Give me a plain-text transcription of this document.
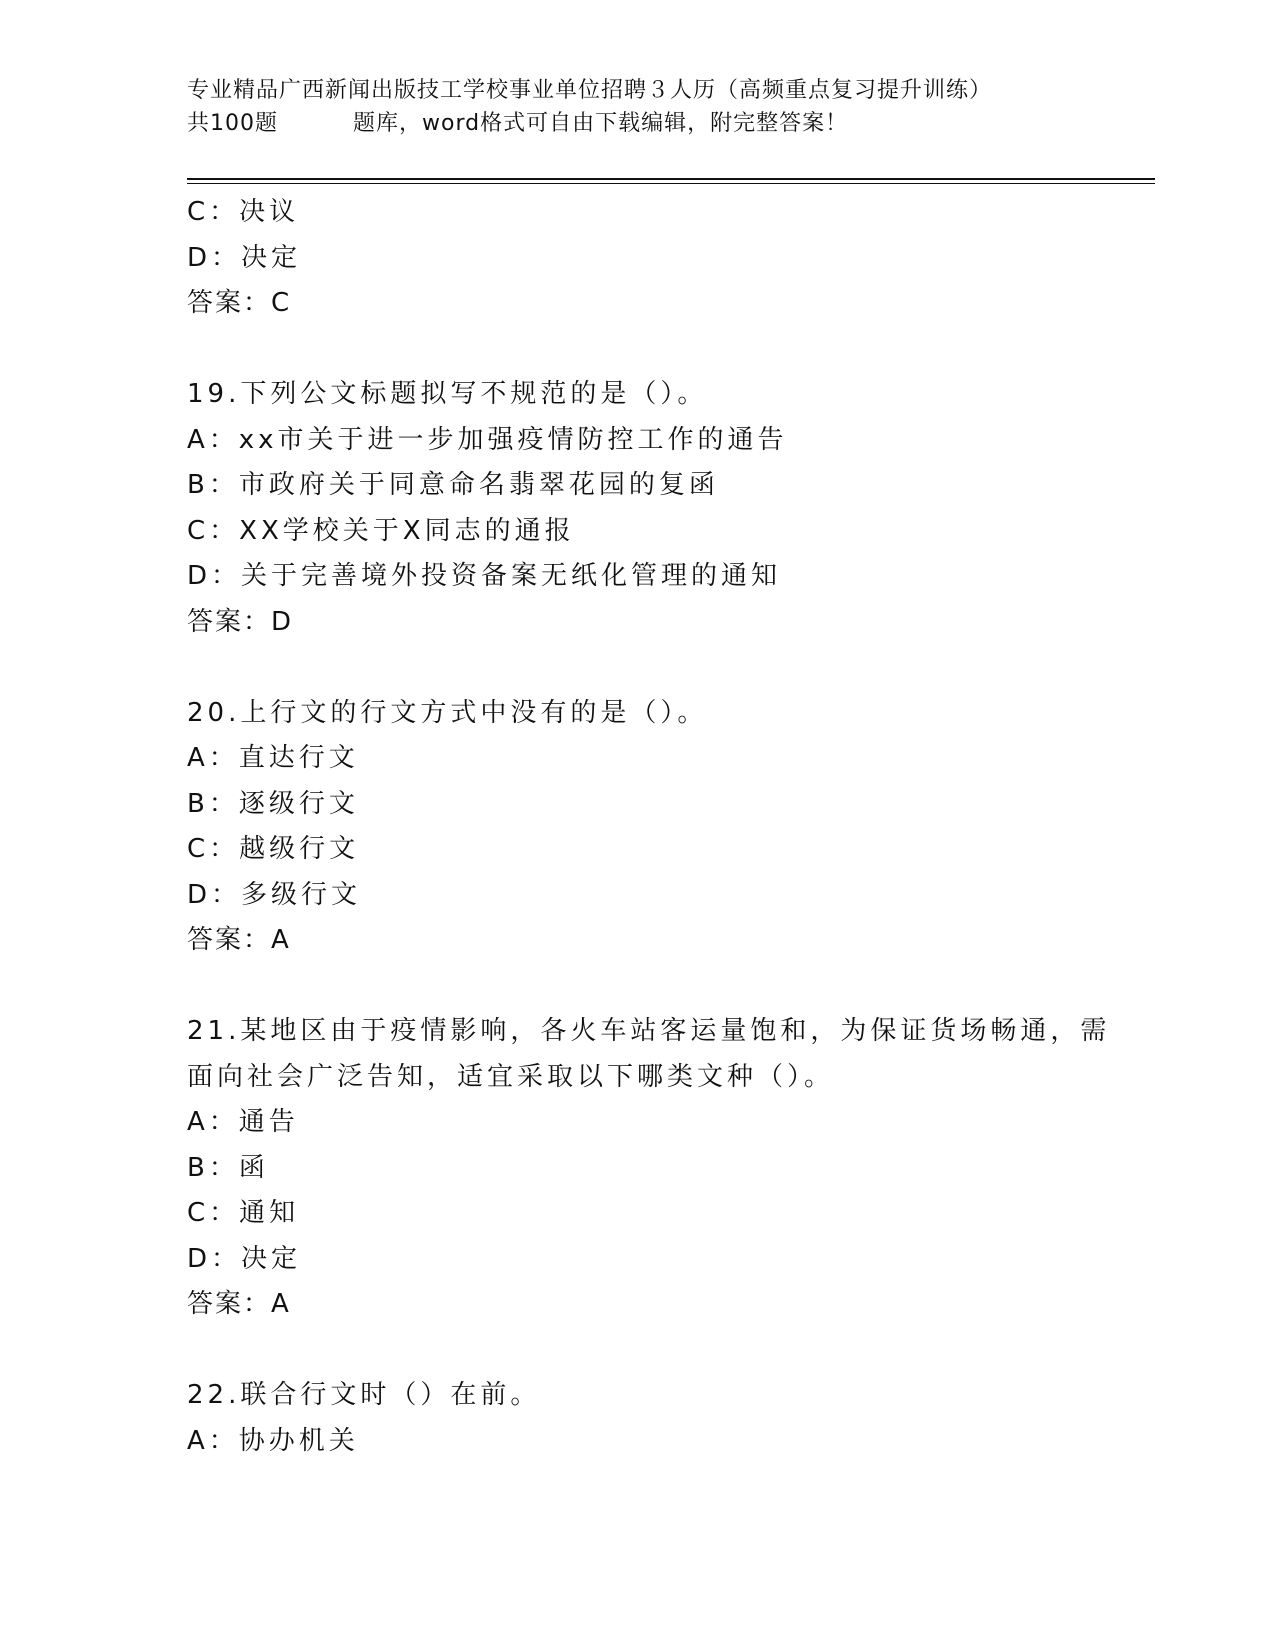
专业精品广西新闻出版技工学校事业单位招聘３人历（高频重点复习提升训练）
共100题	题库，word格式可自由下载编辑，附完整答案！
C：决议
D：决定
答案：C
19.下列公文标题拟写不规范的是（）。
A：xx市关于进一步加强疫情防控工作的通告
B：市政府关于同意命名翡翠花园的复函
C：XX学校关于X同志的通报
D：关于完善境外投资备案无纸化管理的通知
答案：D
20.上行文的行文方式中没有的是（）。
A：直达行文
B：逐级行文
C：越级行文
D：多级行文
答案：A
21.某地区由于疫情影响，各火车站客运量饱和，为保证货场畅通，需
面向社会广泛告知，适宜采取以下哪类文种（）。
A：通告
B：函
C：通知
D：决定
答案：A
22.联合行文时（）在前。
A：协办机关
